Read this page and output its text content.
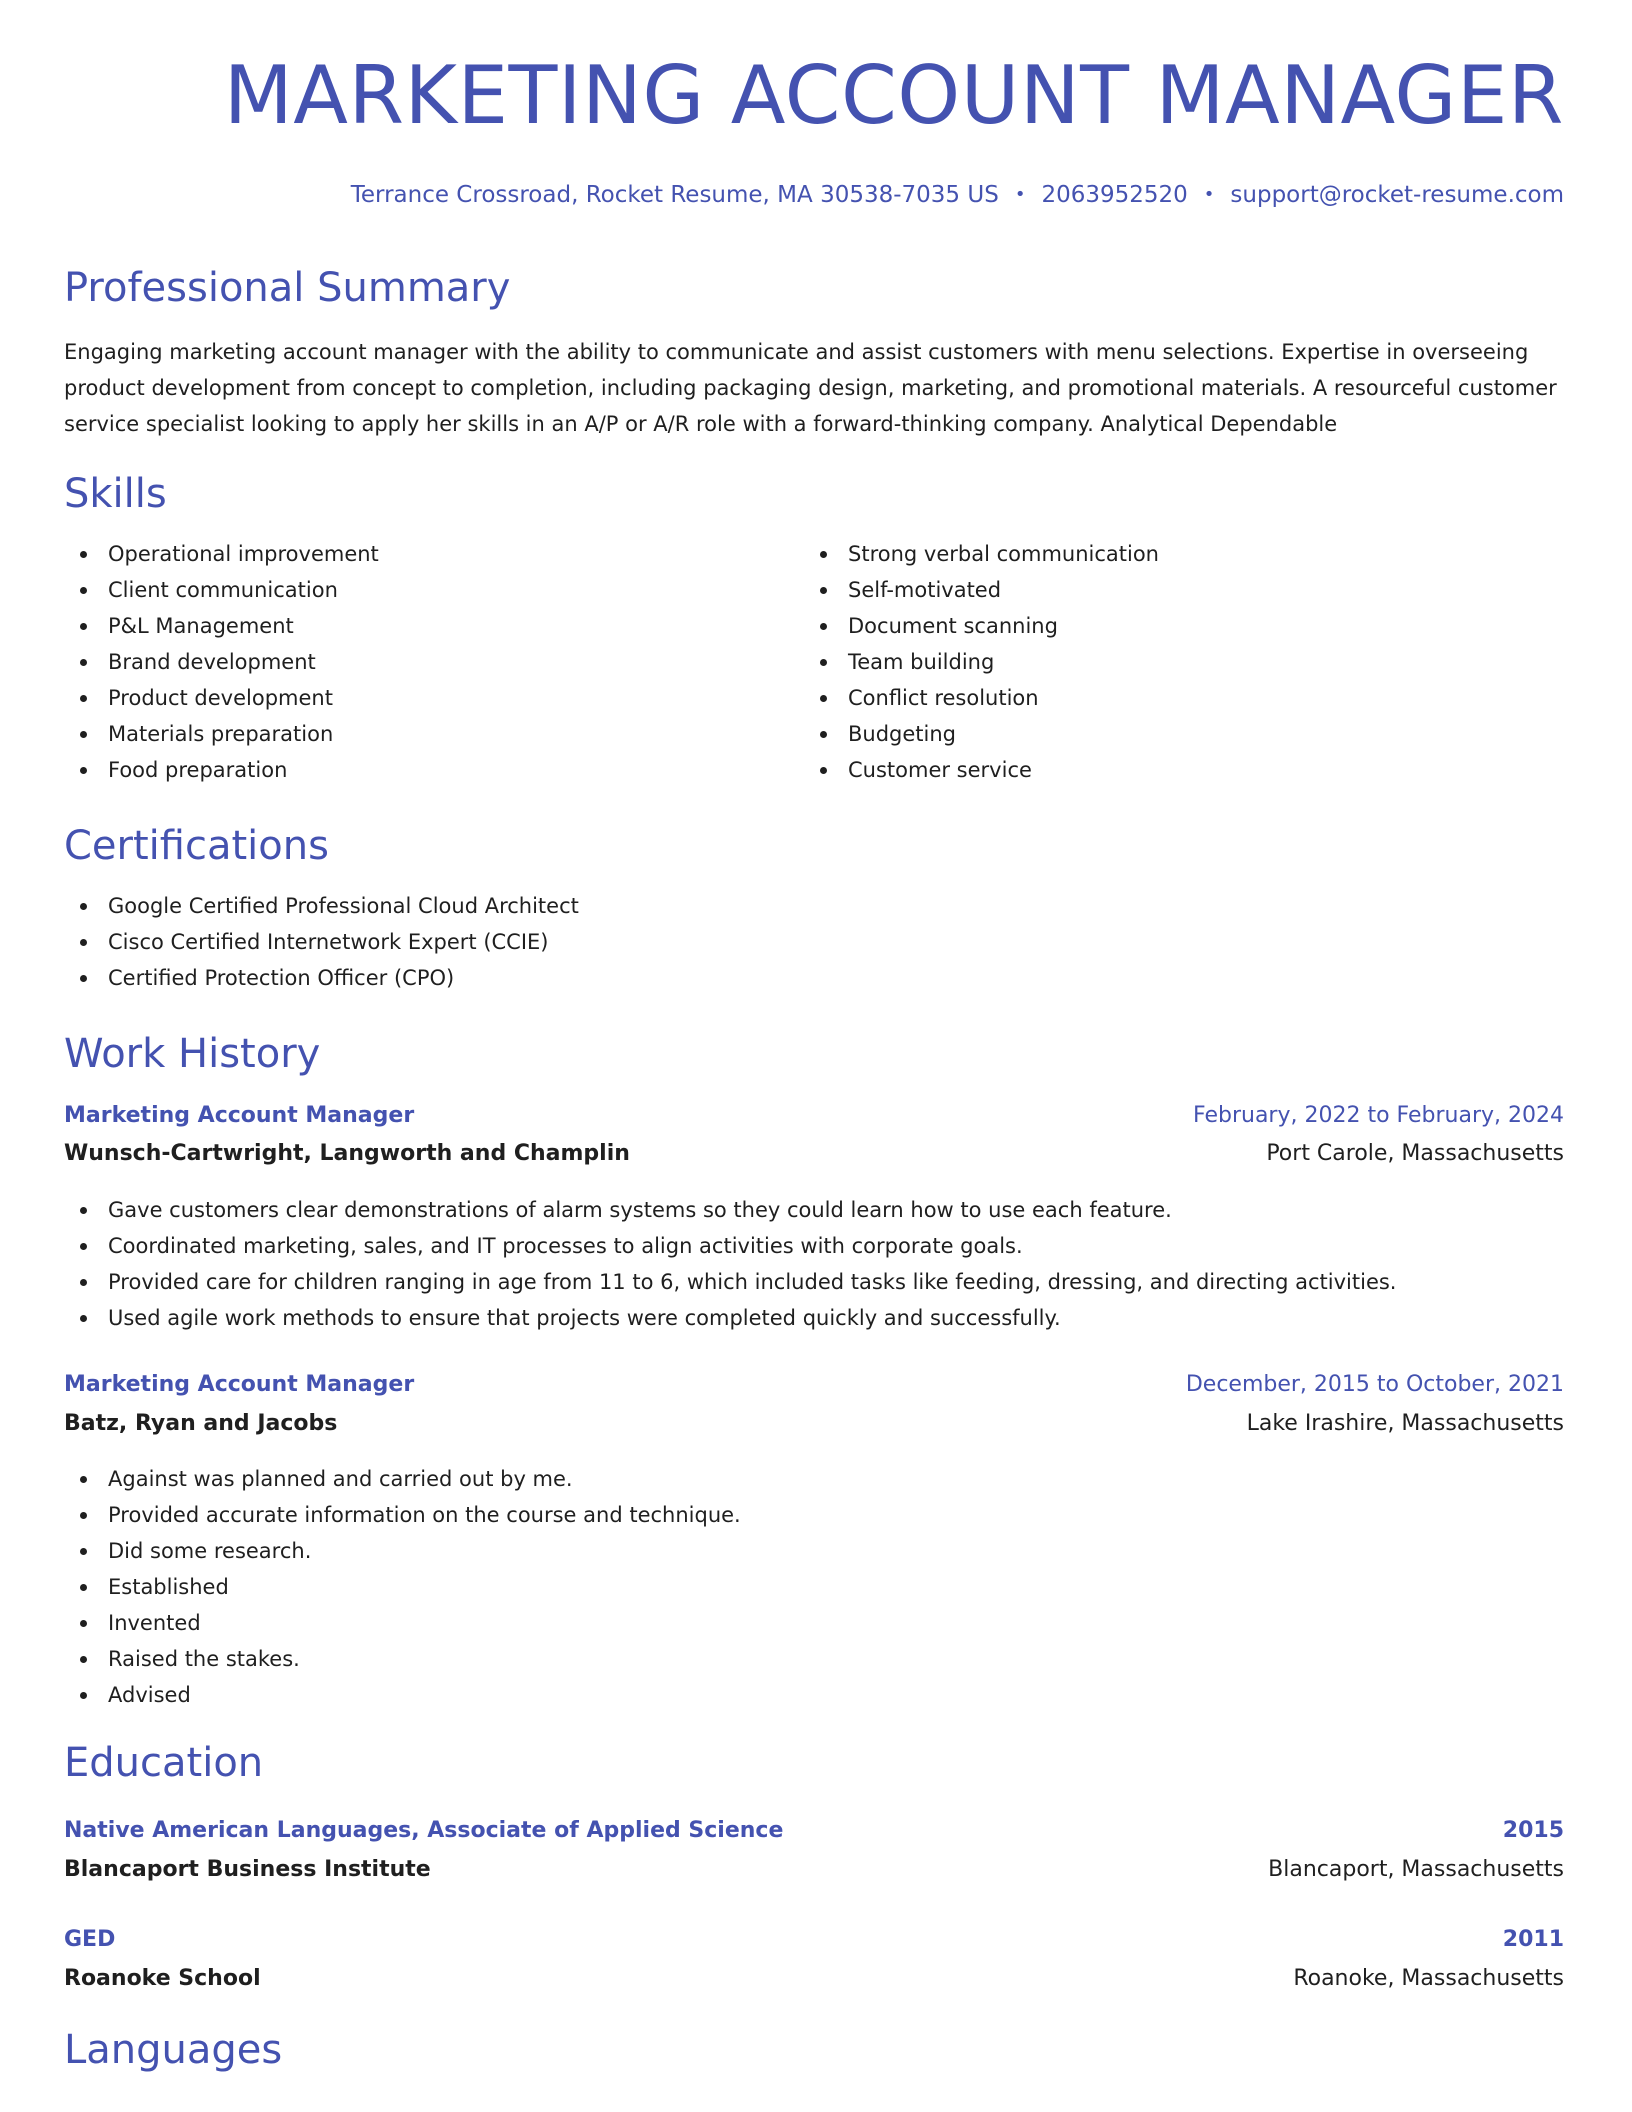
MARKETING ACCOUNT MANAGER
Terrance Crossroad, Rocket Resume, MA 30538-7035 US • 2063952520 • support@rocket-resume.com
Professional Summary

Engaging marketing account manager with the ability to communicate and assist customers with menu selections. Expertise in overseeing product development from concept to completion, including packaging design, marketing, and promotional materials. A resourceful customer service specialist looking to apply her skills in an A/P or A/R role with a forward-thinking company. Analytical Dependable

Skills
Operational improvement
Client communication
P&L Management
Brand development
Product development
Materials preparation
Food preparation
Strong verbal communication
Self-motivated
Document scanning
Team building
Conflict resolution
Budgeting
Customer service
Certifications
Google Certified Professional Cloud Architect
Cisco Certified Internetwork Expert (CCIE)
Certified Protection Officer (CPO)
Work History
Marketing Account Manager	February, 2022 to February, 2024
Wunsch-Cartwright, Langworth and Champlin	Port Carole, Massachusetts
Gave customers clear demonstrations of alarm systems so they could learn how to use each feature.
Coordinated marketing, sales, and IT processes to align activities with corporate goals.
Provided care for children ranging in age from 11 to 6, which included tasks like feeding, dressing, and directing activities.
Used agile work methods to ensure that projects were completed quickly and successfully.
Marketing Account Manager	December, 2015 to October, 2021
Batz, Ryan and Jacobs	Lake Irashire, Massachusetts
Against was planned and carried out by me.
Provided accurate information on the course and technique.
Did some research.
Established
Invented
Raised the stakes.
Advised
Education
Native American Languages, Associate of Applied Science	2015
Blancaport Business Institute	Blancaport, Massachusetts
GED	2011
Roanoke School	Roanoke, Massachusetts
Languages
